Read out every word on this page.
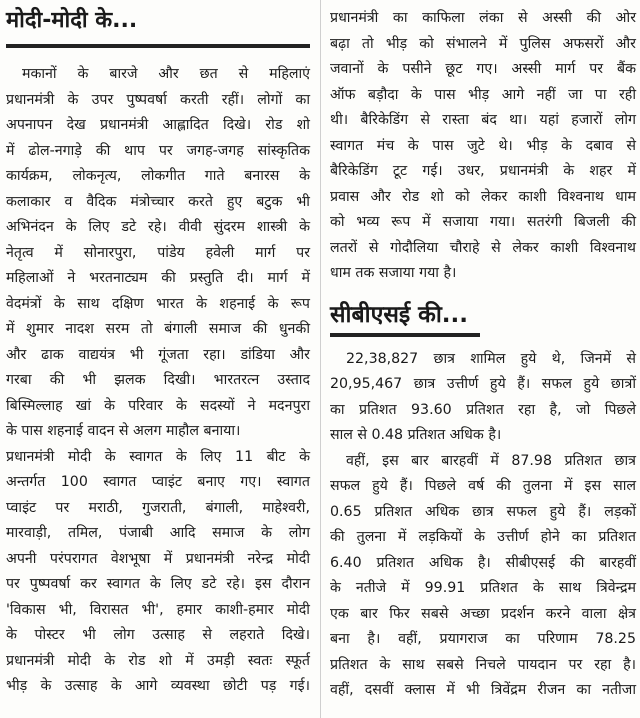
मोदी-मोदी के...

मकानों के बारजे और छत से महिलाएं

प्रधानमंत्री के उपर पुष्पवर्षा करती रहीं। लोगों का

अपनापन देख प्रधानमंत्री आह्लादित दिखे। रोड शो

में ढोल-नगाड़े की थाप पर जगह-जगह सांस्कृतिक

कार्यक्रम, लोकनृत्य, लोकगीत गाते बनारस के

कलाकार व वैदिक मंत्रोच्चार करते हुए बटुक भी

अभिनंदन के लिए डटे रहे। वीवी सुंदरम शास्त्री के

नेतृत्व में सोनारपुरा, पांडेय हवेली मार्ग पर

महिलाओं ने भरतनाट्यम की प्रस्तुति दी। मार्ग में

वेदमंत्रों के साथ दक्षिण भारत के शहनाई के रूप

में शुमार नादश सरम तो बंगाली समाज की धुनकी

और ढाक वाद्ययंत्र भी गूंजता रहा। डांडिया और

गरबा की भी झलक दिखी। भारतरत्न उस्ताद

बिस्मिल्लाह खां के परिवार के सदस्यों ने मदनपुरा

के पास शहनाई वादन से अलग माहौल बनाया।

प्रधानमंत्री मोदी के स्वागत के लिए 11 बीट के

अन्तर्गत 100 स्वागत प्वाइंट बनाए गए। स्वागत

प्वाइंट पर मराठी, गुजराती, बंगाली, माहेश्वरी,

मारवाड़ी, तमिल, पंजाबी आदि समाज के लोग

अपनी परंपरागत वेशभूषा में प्रधानमंत्री नरेन्द्र मोदी

पर पुष्पवर्षा कर स्वागत के लिए डटे रहे। इस दौरान

'विकास भी, विरासत भी', हमार काशी-हमार मोदी

के पोस्टर भी लोग उत्साह से लहराते दिखे।

प्रधानमंत्री मोदी के रोड शो में उमड़ी स्वतः स्फूर्त

भीड़ के उत्साह के आगे व्यवस्था छोटी पड़ गई।

प्रधानमंत्री का काफिला लंका से अस्सी की ओर

बढ़ा तो भीड़ को संभालने में पुलिस अफसरों और

जवानों के पसीने छूट गए। अस्सी मार्ग पर बैंक

ऑफ बड़ौदा के पास भीड़ आगे नहीं जा पा रही

थी। बैरिकेडिंग से रास्ता बंद था। यहां हजारों लोग

स्वागत मंच के पास जुटे थे। भीड़ के दबाव से

बैरिकेडिंग टूट गई। उधर, प्रधानमंत्री के शहर में

प्रवास और रोड शो को लेकर काशी विश्वनाथ धाम

को भव्य रूप में सजाया गया। सतरंगी बिजली की

लतरों से गोदौलिया चौराहे से लेकर काशी विश्वनाथ

धाम तक सजाया गया है।

सीबीएसई की...

22,38,827 छात्र शामिल हुये थे, जिनमें से

20,95,467 छात्र उत्तीर्ण हुये हैं। सफल हुये छात्रों

का प्रतिशत 93.60 प्रतिशत रहा है, जो पिछले

साल से 0.48 प्रतिशत अधिक है।

वहीं, इस बार बारहवीं में 87.98 प्रतिशत छात्र

सफल हुये हैं। पिछले वर्ष की तुलना में इस साल

0.65 प्रतिशत अधिक छात्र सफल हुये हैं। लड़कों

की तुलना में लड़कियों के उत्तीर्ण होने का प्रतिशत

6.40 प्रतिशत अधिक है। सीबीएसई की बारहवीं

के नतीजे में 99.91 प्रतिशत के साथ त्रिवेन्द्रम

एक बार फिर सबसे अच्छा प्रदर्शन करने वाला क्षेत्र

बना है। वहीं, प्रयागराज का परिणाम 78.25

प्रतिशत के साथ सबसे निचले पायदान पर रहा है।

वहीं, दसवीं क्लास में भी त्रिवेंद्रम रीजन का नतीजा
